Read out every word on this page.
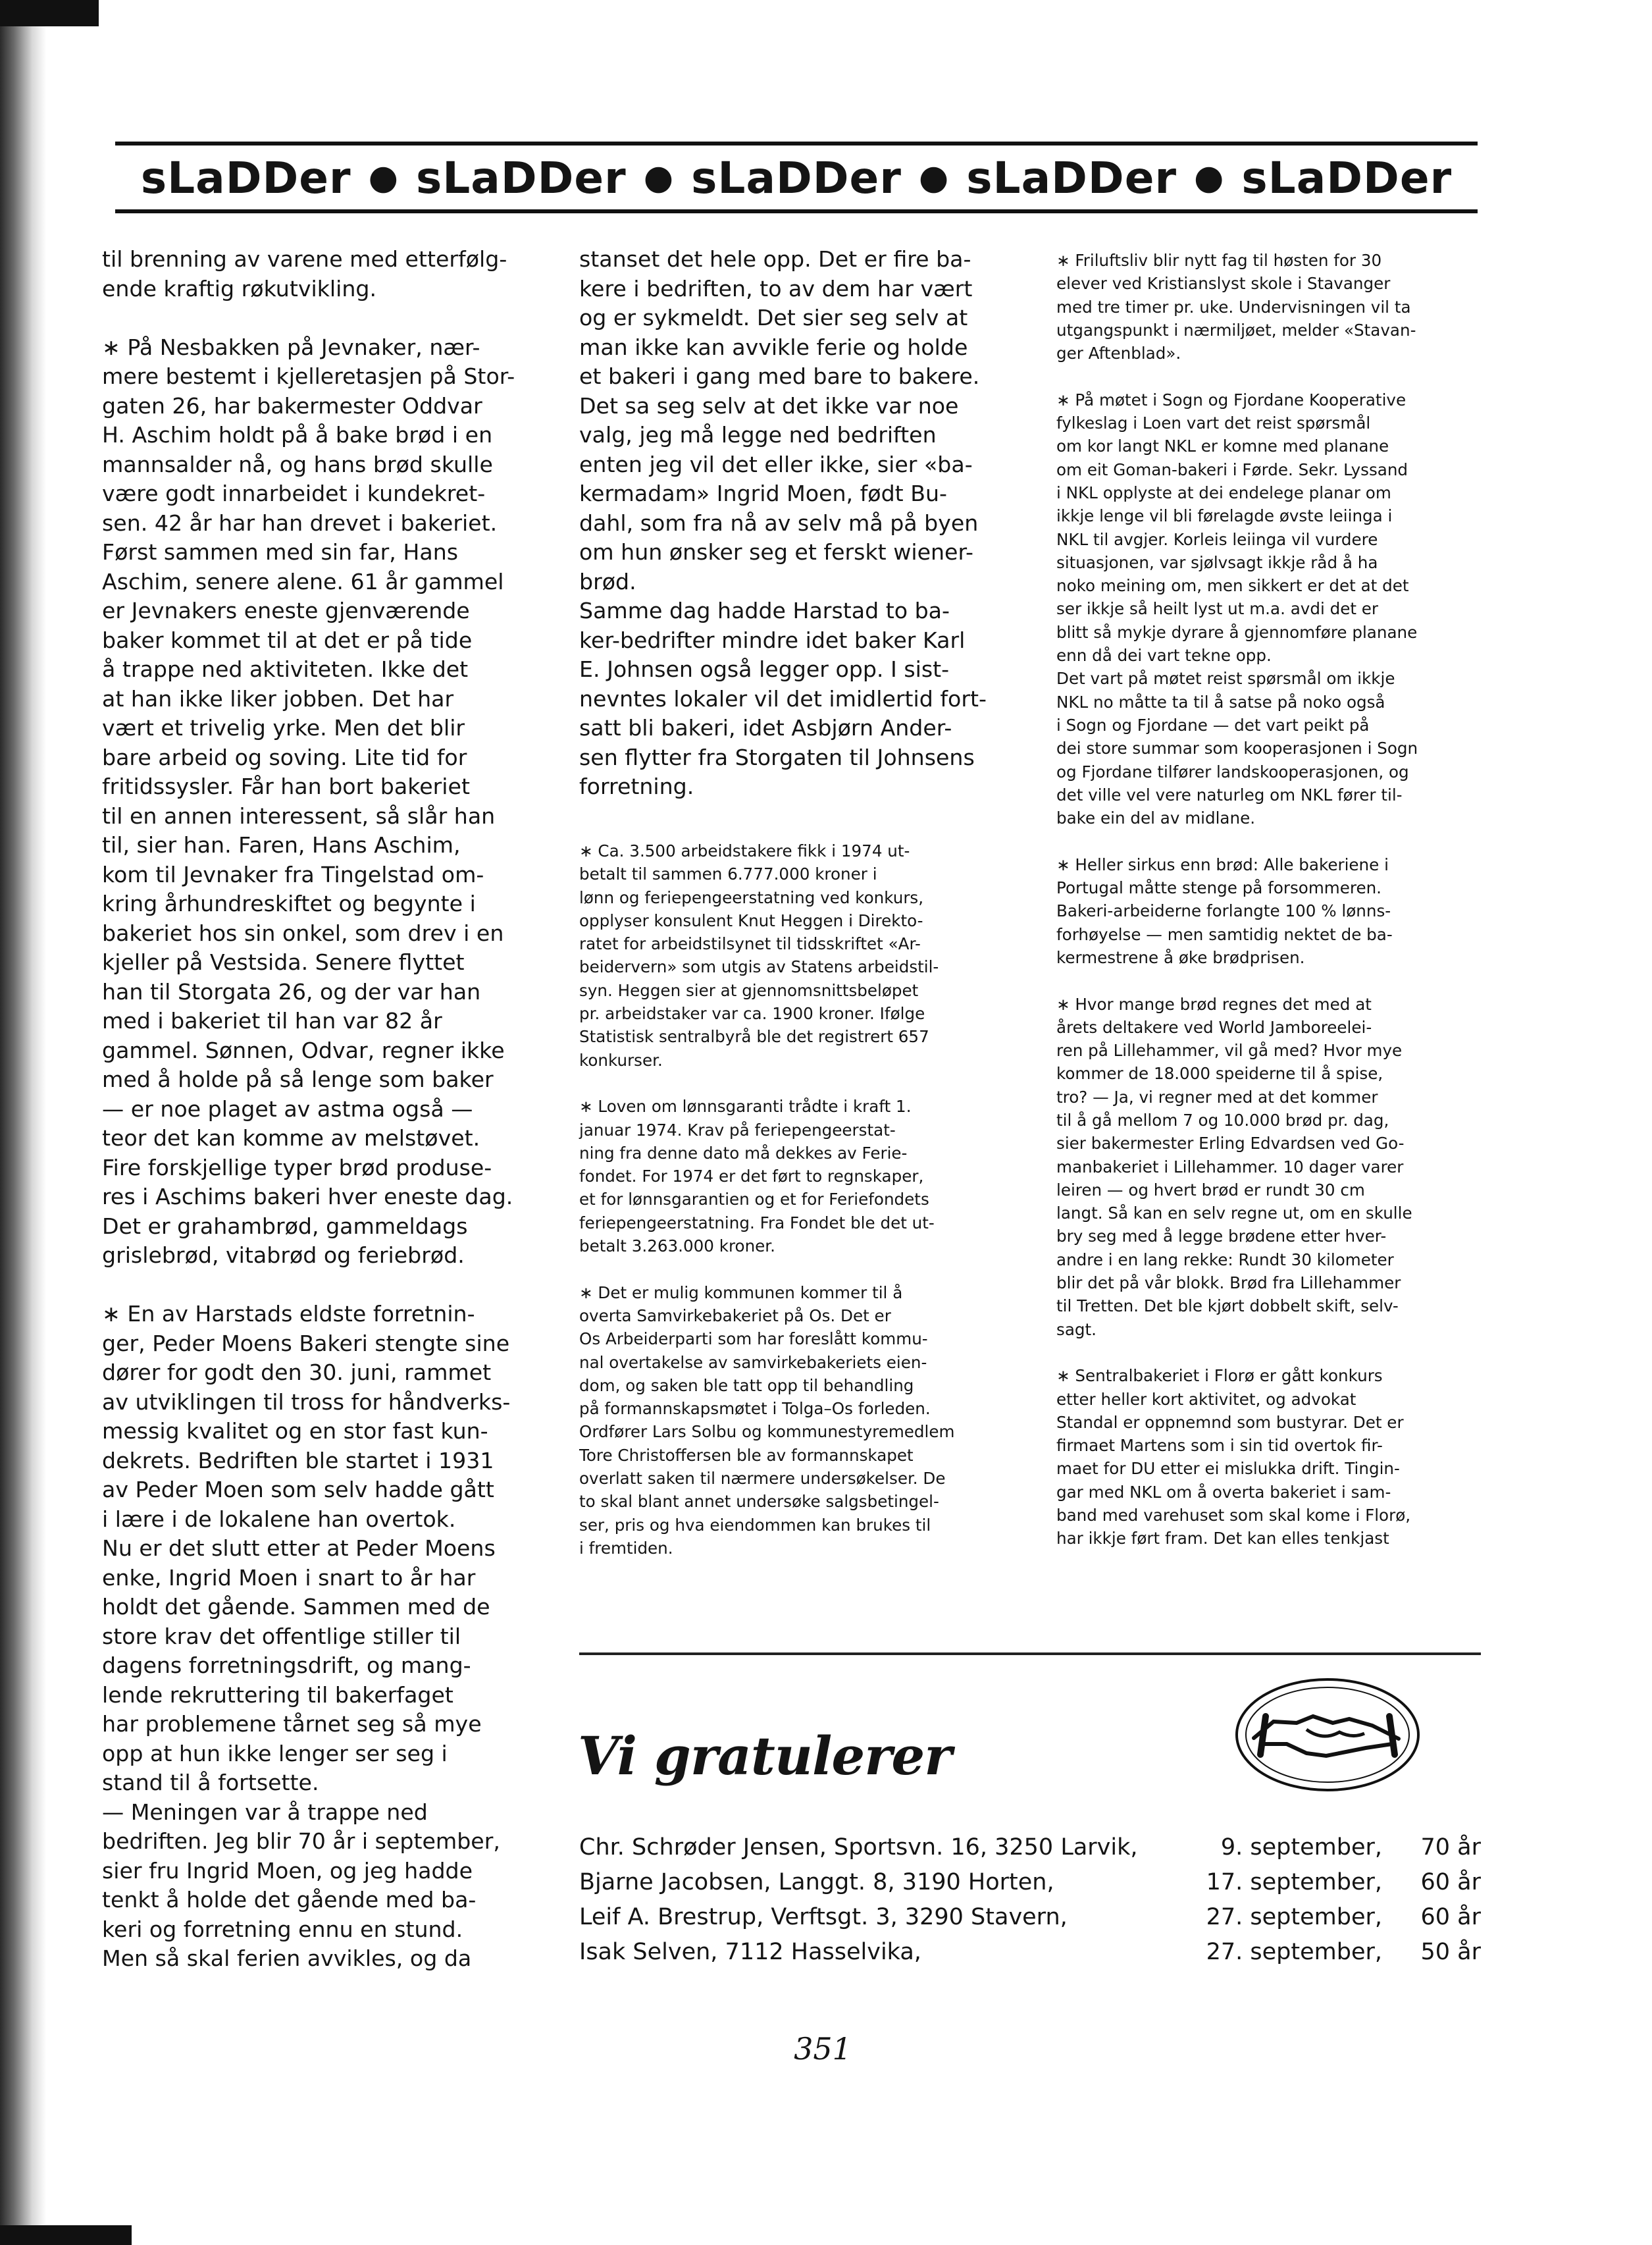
sLaDDer ● sLaDDer ● sLaDDer ● sLaDDer ● sLaDDer
til brenning av varene med etterfølg-
ende kraftig røkutvikling.

∗ På Nesbakken på Jevnaker, nær-
mere bestemt i kjelleretasjen på Stor-
gaten 26, har bakermester Oddvar
H. Aschim holdt på å bake brød i en
mannsalder nå, og hans brød skulle
være godt innarbeidet i kundekret-
sen. 42 år har han drevet i bakeriet.
Først sammen med sin far, Hans
Aschim, senere alene. 61 år gammel
er Jevnakers eneste gjenværende
baker kommet til at det er på tide
å trappe ned aktiviteten. Ikke det
at han ikke liker jobben. Det har
vært et trivelig yrke. Men det blir
bare arbeid og soving. Lite tid for
fritidssysler. Får han bort bakeriet
til en annen interessent, så slår han
til, sier han. Faren, Hans Aschim,
kom til Jevnaker fra Tingelstad om-
kring århundreskiftet og begynte i
bakeriet hos sin onkel, som drev i en
kjeller på Vestsida. Senere flyttet
han til Storgata 26, og der var han
med i bakeriet til han var 82 år
gammel. Sønnen, Odvar, regner ikke
med å holde på så lenge som baker
— er noe plaget av astma også —
teor det kan komme av melstøvet.
Fire forskjellige typer brød produse-
res i Aschims bakeri hver eneste dag.
Det er grahambrød, gammeldags
grislebrød, vitabrød og feriebrød.

∗ En av Harstads eldste forretnin-
ger, Peder Moens Bakeri stengte sine
dører for godt den 30. juni, rammet
av utviklingen til tross for håndverks-
messig kvalitet og en stor fast kun-
dekrets. Bedriften ble startet i 1931
av Peder Moen som selv hadde gått
i lære i de lokalene han overtok.
Nu er det slutt etter at Peder Moens
enke, Ingrid Moen i snart to år har
holdt det gående. Sammen med de
store krav det offentlige stiller til
dagens forretningsdrift, og mang-
lende rekruttering til bakerfaget
har problemene tårnet seg så mye
opp at hun ikke lenger ser seg i
stand til å fortsette.
— Meningen var å trappe ned
bedriften. Jeg blir 70 år i september,
sier fru Ingrid Moen, og jeg hadde
tenkt å holde det gående med ba-
keri og forretning ennu en stund.
Men så skal ferien avvikles, og da
stanset det hele opp. Det er fire ba-
kere i bedriften, to av dem har vært
og er sykmeldt. Det sier seg selv at
man ikke kan avvikle ferie og holde
et bakeri i gang med bare to bakere.
Det sa seg selv at det ikke var noe
valg, jeg må legge ned bedriften
enten jeg vil det eller ikke, sier «ba-
kermadam» Ingrid Moen, født Bu-
dahl, som fra nå av selv må på byen
om hun ønsker seg et ferskt wiener-
brød.
Samme dag hadde Harstad to ba-
ker-bedrifter mindre idet baker Karl
E. Johnsen også legger opp. I sist-
nevntes lokaler vil det imidlertid fort-
satt bli bakeri, idet Asbjørn Ander-
sen flytter fra Storgaten til Johnsens
forretning.
∗ Ca. 3.500 arbeidstakere fikk i 1974 ut-
betalt til sammen 6.777.000 kroner i
lønn og feriepengeerstatning ved konkurs,
opplyser konsulent Knut Heggen i Direkto-
ratet for arbeidstilsynet til tidsskriftet «Ar-
beidervern» som utgis av Statens arbeidstil-
syn. Heggen sier at gjennomsnittsbeløpet
pr. arbeidstaker var ca. 1900 kroner. Ifølge
Statistisk sentralbyrå ble det registrert 657
konkurser.

∗ Loven om lønnsgaranti trådte i kraft 1.
januar 1974. Krav på feriepengeerstat-
ning fra denne dato må dekkes av Ferie-
fondet. For 1974 er det ført to regnskaper,
et for lønnsgarantien og et for Feriefondets
feriepengeerstatning. Fra Fondet ble det ut-
betalt 3.263.000 kroner.

∗ Det er mulig kommunen kommer til å
overta Samvirkebakeriet på Os. Det er
Os Arbeiderparti som har foreslått kommu-
nal overtakelse av samvirkebakeriets eien-
dom, og saken ble tatt opp til behandling
på formannskapsmøtet i Tolga–Os forleden.
Ordfører Lars Solbu og kommunestyremedlem
Tore Christoffersen ble av formannskapet
overlatt saken til nærmere undersøkelser. De
to skal blant annet undersøke salgsbetingel-
ser, pris og hva eiendommen kan brukes til
i fremtiden.
∗ Friluftsliv blir nytt fag til høsten for 30
elever ved Kristianslyst skole i Stavanger
med tre timer pr. uke. Undervisningen vil ta
utgangspunkt i nærmiljøet, melder «Stavan-
ger Aftenblad».

∗ På møtet i Sogn og Fjordane Kooperative
fylkeslag i Loen vart det reist spørsmål
om kor langt NKL er komne med planane
om eit Goman-bakeri i Førde. Sekr. Lyssand
i NKL opplyste at dei endelege planar om
ikkje lenge vil bli førelagde øvste leiinga i
NKL til avgjer. Korleis leiinga vil vurdere
situasjonen, var sjølvsagt ikkje råd å ha
noko meining om, men sikkert er det at det
ser ikkje så heilt lyst ut m.a. avdi det er
blitt så mykje dyrare å gjennomføre planane
enn då dei vart tekne opp.
Det vart på møtet reist spørsmål om ikkje
NKL no måtte ta til å satse på noko også
i Sogn og Fjordane — det vart peikt på
dei store summar som kooperasjonen i Sogn
og Fjordane tilfører landskooperasjonen, og
det ville vel vere naturleg om NKL fører til-
bake ein del av midlane.

∗ Heller sirkus enn brød: Alle bakeriene i
Portugal måtte stenge på forsommeren.
Bakeri-arbeiderne forlangte 100 % lønns-
forhøyelse — men samtidig nektet de ba-
kermestrene å øke brødprisen.

∗ Hvor mange brød regnes det med at
årets deltakere ved World Jamboreelei-
ren på Lillehammer, vil gå med? Hvor mye
kommer de 18.000 speiderne til å spise,
tro? — Ja, vi regner med at det kommer
til å gå mellom 7 og 10.000 brød pr. dag,
sier bakermester Erling Edvardsen ved Go-
manbakeriet i Lillehammer. 10 dager varer
leiren — og hvert brød er rundt 30 cm
langt. Så kan en selv regne ut, om en skulle
bry seg med å legge brødene etter hver-
andre i en lang rekke: Rundt 30 kilometer
blir det på vår blokk. Brød fra Lillehammer
til Tretten. Det ble kjørt dobbelt skift, selv-
sagt.

∗ Sentralbakeriet i Florø er gått konkurs
etter heller kort aktivitet, og advokat
Standal er oppnemnd som bustyrar. Det er
firmaet Martens som i sin tid overtok fir-
maet for DU etter ei mislukka drift. Tingin-
gar med NKL om å overta bakeriet i sam-
band med varehuset som skal kome i Florø,
har ikkje ført fram. Det kan elles tenkjast
Vi gratulerer
Chr. Schrøder Jensen, Sportsvn. 16, 3250 Larvik,	9. september,	70 år
Bjarne Jacobsen, Langgt. 8, 3190 Horten,	17. september,	60 år
Leif A. Brestrup, Verftsgt. 3, 3290 Stavern,	27. september,	60 år
Isak Selven, 7112 Hasselvika,	27. september,	50 år
351
